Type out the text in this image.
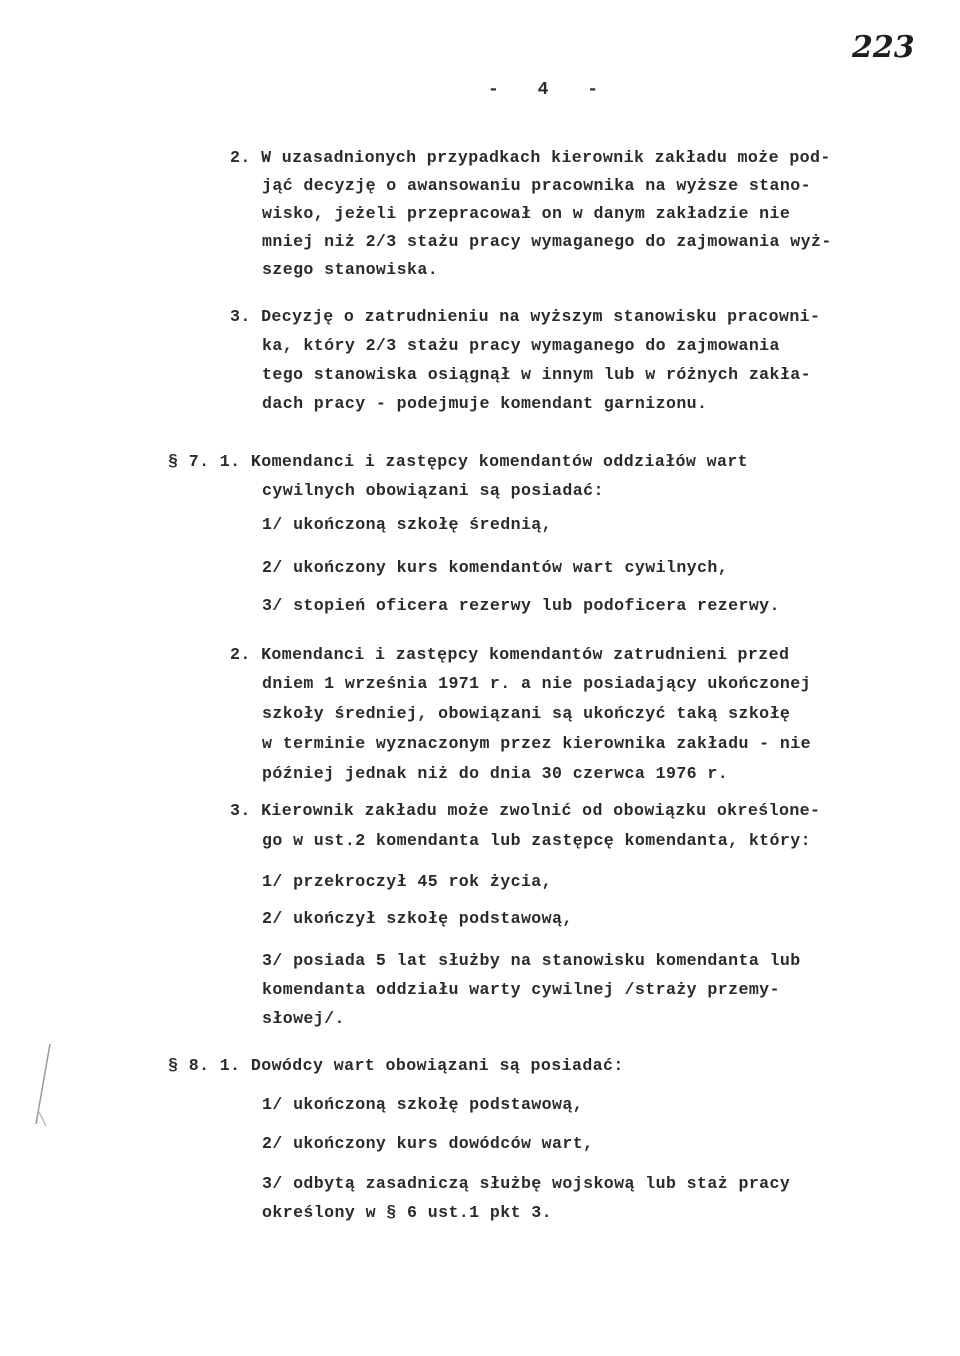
223
- 4 -
2. W uzasadnionych przypadkach kierownik zakładu może pod-
jąć decyzję o awansowaniu pracownika na wyższe stano-
wisko, jeżeli przepracował on w danym zakładzie nie
mniej niż 2/3 stażu pracy wymaganego do zajmowania wyż-
szego stanowiska.
3. Decyzję o zatrudnieniu na wyższym stanowisku pracowni-
ka, który 2/3 stażu pracy wymaganego do zajmowania
tego stanowiska osiągnął w innym lub w różnych zakła-
dach pracy - podejmuje komendant garnizonu.
§ 7. 1. Komendanci i zastępcy komendantów oddziałów wart
cywilnych obowiązani są posiadać:
1/ ukończoną szkołę średnią,
2/ ukończony kurs komendantów wart cywilnych,
3/ stopień oficera rezerwy lub podoficera rezerwy.
2. Komendanci i zastępcy komendantów zatrudnieni przed
dniem 1 września 1971 r. a nie posiadający ukończonej
szkoły średniej, obowiązani są ukończyć taką szkołę
w terminie wyznaczonym przez kierownika zakładu - nie
później jednak niż do dnia 30 czerwca 1976 r.
3. Kierownik zakładu może zwolnić od obowiązku określone-
go w ust.2 komendanta lub zastępcę komendanta, który:
1/ przekroczył 45 rok życia,
2/ ukończył szkołę podstawową,
3/ posiada 5 lat służby na stanowisku komendanta lub
komendanta oddziału warty cywilnej /straży przemy-
słowej/.
§ 8. 1. Dowódcy wart obowiązani są posiadać:
1/ ukończoną szkołę podstawową,
2/ ukończony kurs dowódców wart,
3/ odbytą zasadniczą służbę wojskową lub staż pracy
określony w § 6 ust.1 pkt 3.
